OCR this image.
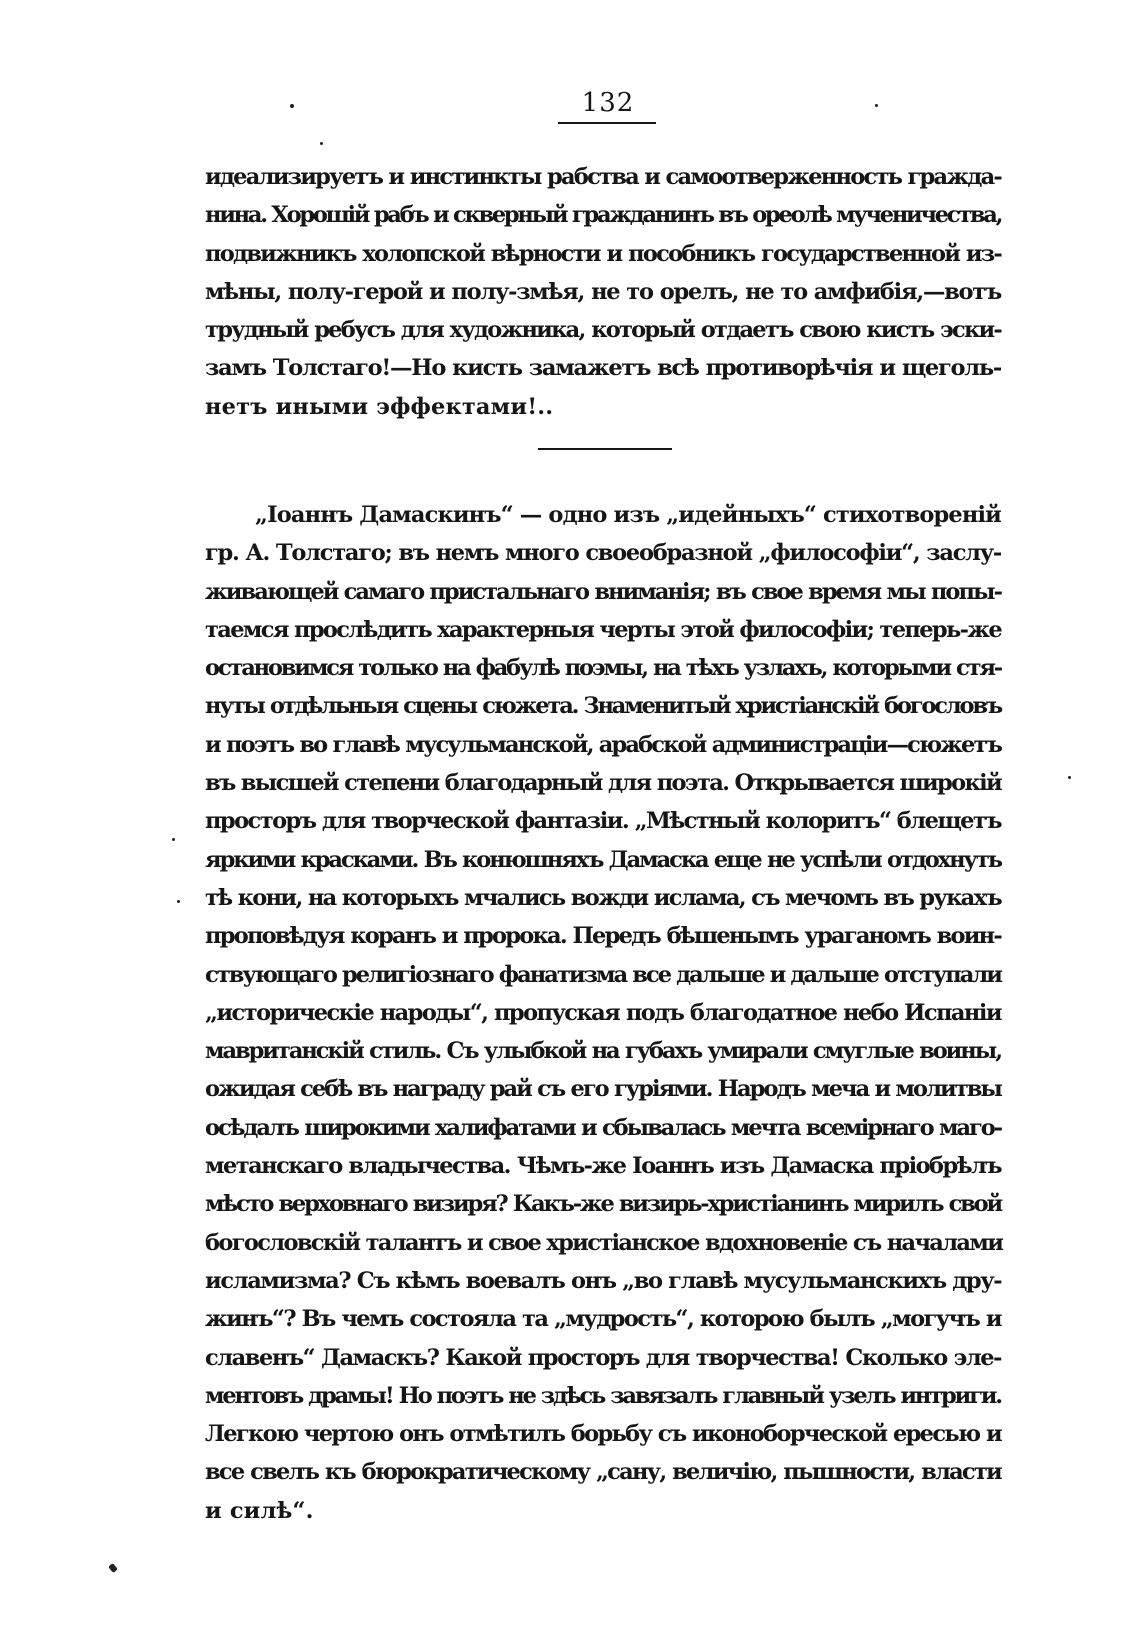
132
идеализируетъ и инстинкты рабства и самоотверженность гражда-
нина. Хорошій рабъ и скверный гражданинъ въ ореолѣ мученичества,
подвижникъ холопской вѣрности и пособникъ государственной из-
мѣны, полу-герой и полу-змѣя, не то орелъ, не то амфибія,—вотъ
трудный ребусъ для художника, который отдаетъ свою кисть эски-
замъ Толстаго!—Но кисть замажетъ всѣ противорѣчія и щеголь-
нетъ иными эффектами!..
„Іоаннъ Дамаскинъ“ — одно изъ „идейныхъ“ стихотвореній
гр. А. Толстаго; въ немъ много своеобразной „философіи“, заслу-
живающей самаго пристальнаго вниманія; въ свое время мы попы-
таемся прослѣдить характерныя черты этой философіи; теперь-же
остановимся только на фабулѣ поэмы, на тѣхъ узлахъ, которыми стя-
нуты отдѣльныя сцены сюжета. Знаменитый христіанскій богословъ
и поэтъ во главѣ мусульманской, арабской администраціи—сюжетъ
въ высшей степени благодарный для поэта. Открывается широкій
просторъ для творческой фантазіи. „Мѣстный колоритъ“ блещетъ
яркими красками. Въ конюшняхъ Дамаска еще не успѣли отдохнуть
тѣ кони, на которыхъ мчались вожди ислама, съ мечомъ въ рукахъ
проповѣдуя коранъ и пророка. Передъ бѣшенымъ ураганомъ воин-
ствующаго религіознаго фанатизма все дальше и дальше отступали
„историческіе народы“, пропуская подъ благодатное небо Испаніи
мавританскій стиль. Съ улыбкой на губахъ умирали смуглые воины,
ожидая себѣ въ награду рай съ его гуріями. Народъ меча и молитвы
осѣдалъ широкими халифатами и сбывалась мечта всемірнаго маго-
метанскаго владычества. Чѣмъ-же Іоаннъ изъ Дамаска пріобрѣлъ
мѣсто верховнаго визиря? Какъ-же визирь-христіанинъ мирилъ свой
богословскій талантъ и свое христіанское вдохновеніе съ началами
исламизма? Съ кѣмъ воевалъ онъ „во главѣ мусульманскихъ дру-
жинъ“? Въ чемъ состояла та „мудрость“, которою былъ „могучъ и
славенъ“ Дамаскъ? Какой просторъ для творчества! Сколько эле-
ментовъ драмы! Но поэтъ не здѣсь завязалъ главный узелъ интриги.
Легкою чертою онъ отмѣтилъ борьбу съ иконоборческой ересью и
все свелъ къ бюрократическому „сану, величію, пышности, власти
и силѣ“.
